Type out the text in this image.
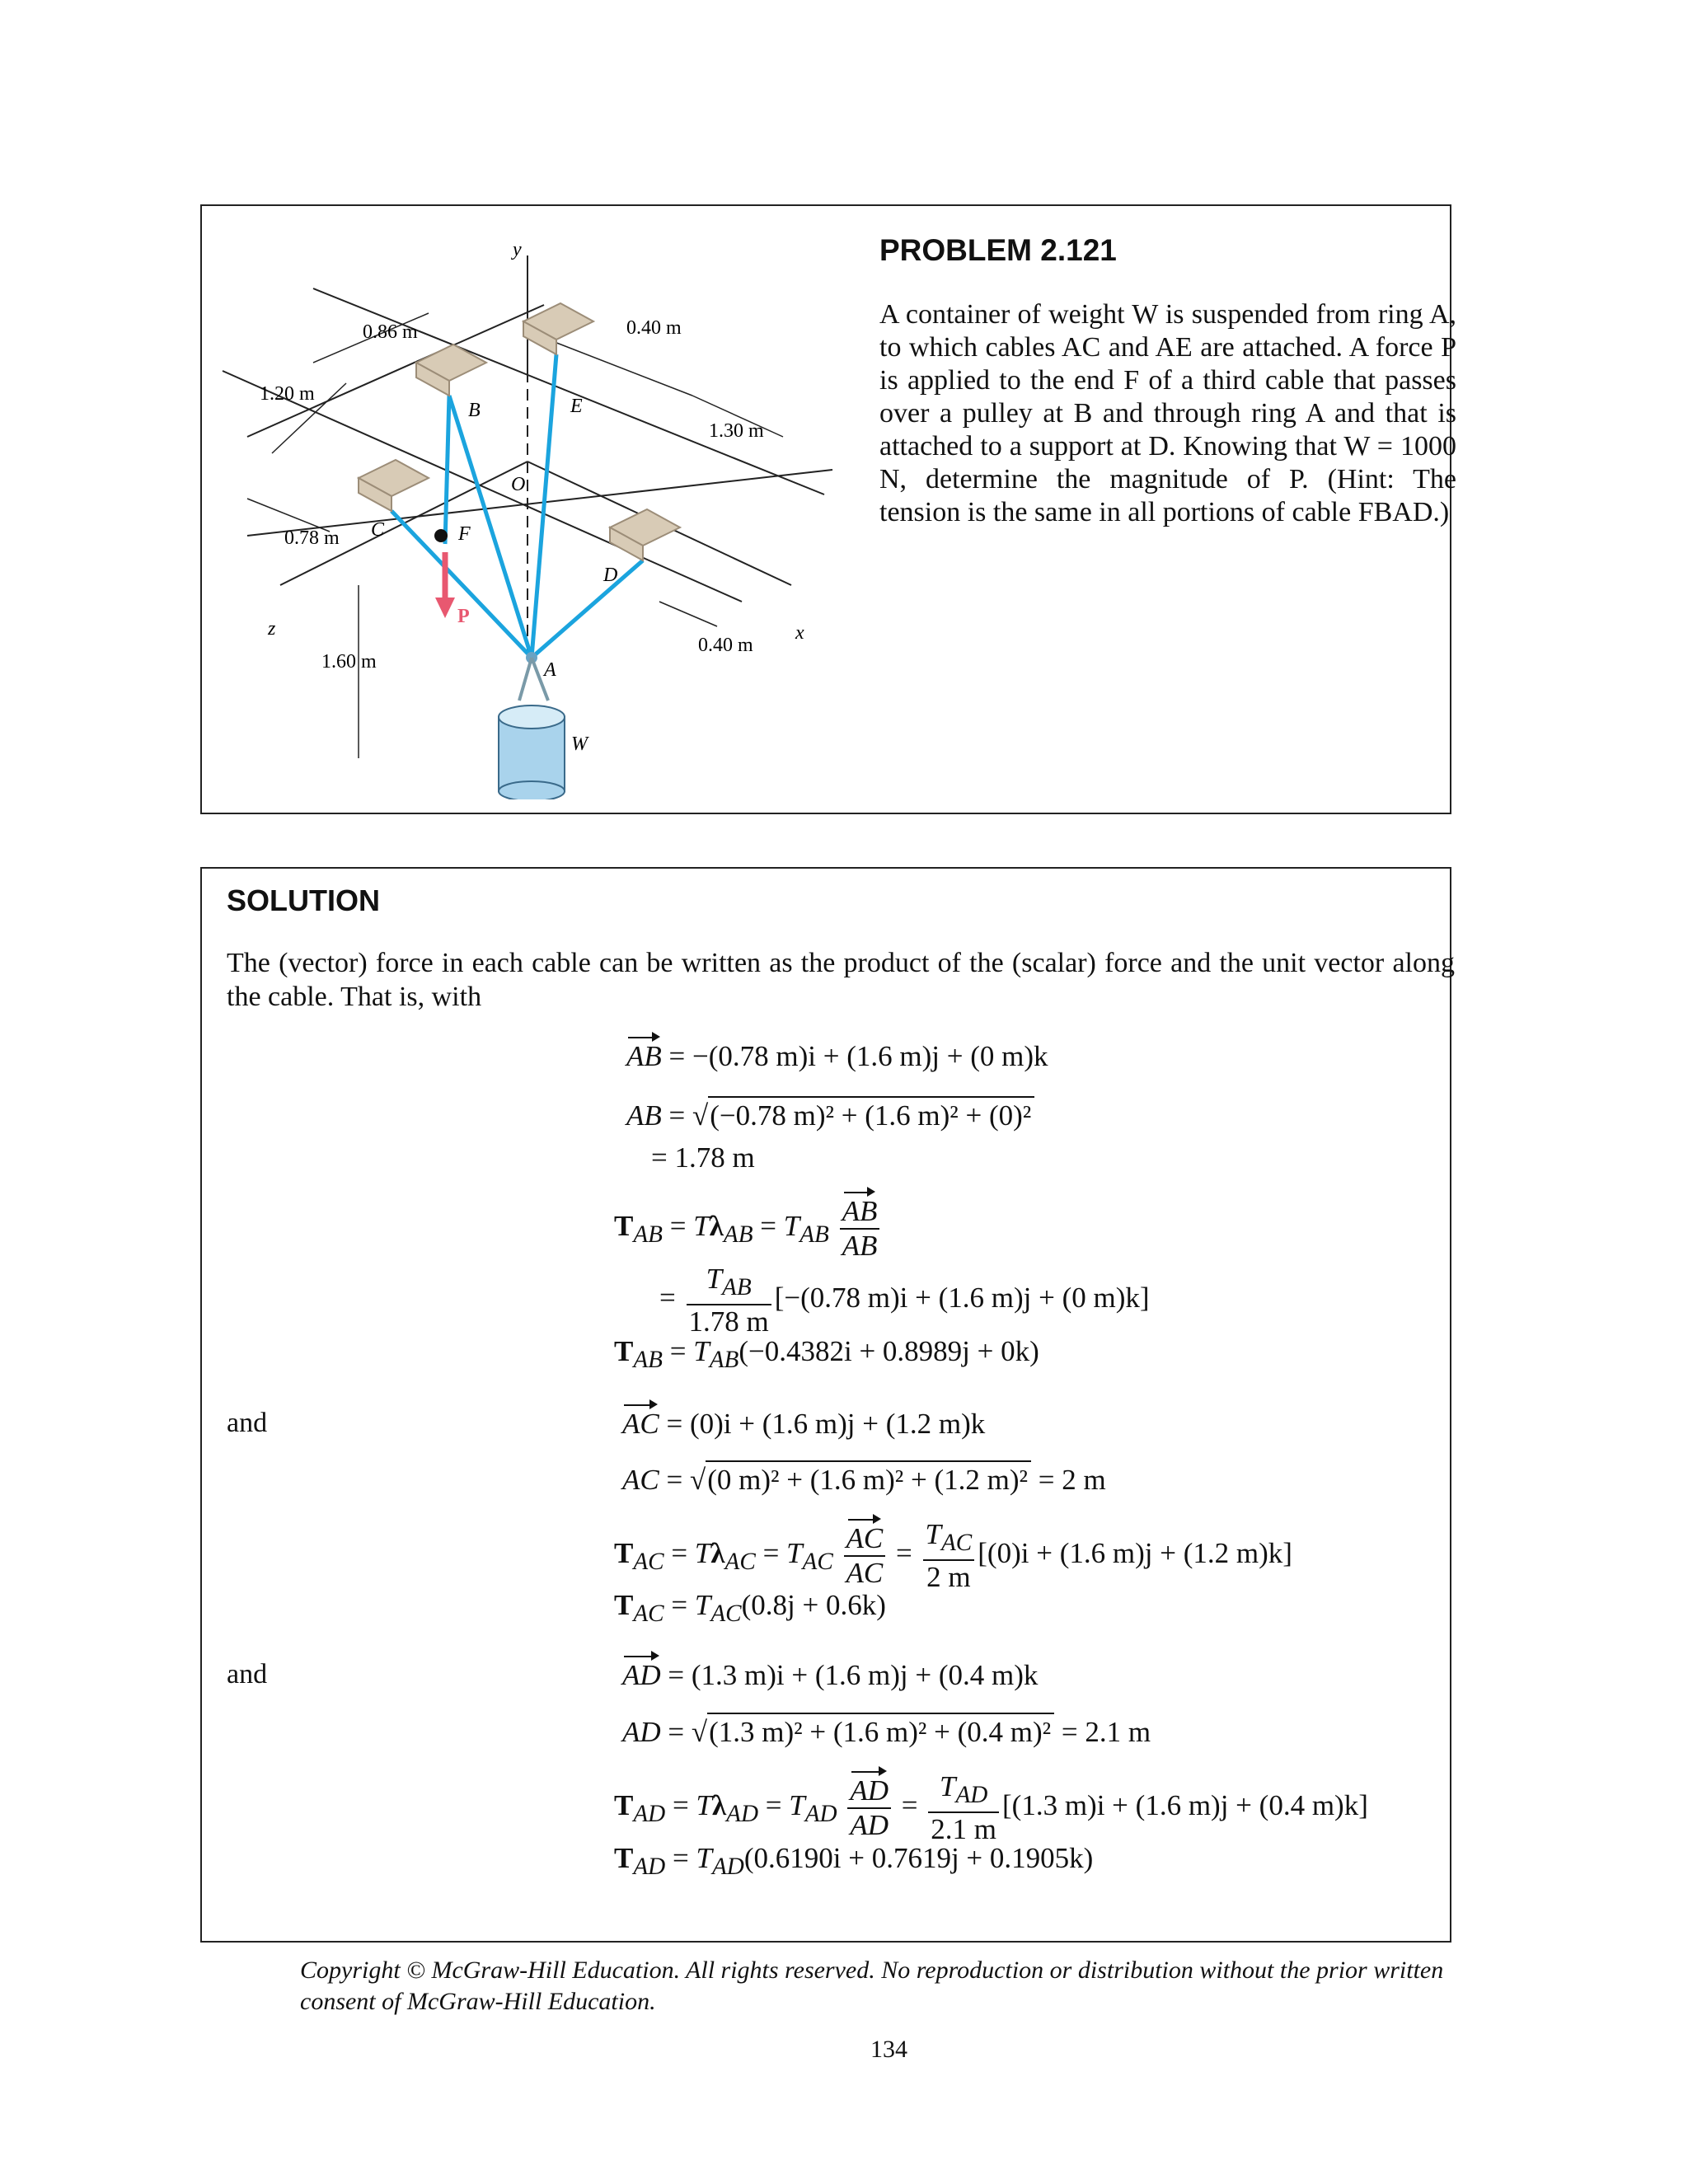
0.86 m	0.40 m
1.20 m
1.30 m
0.78 m
1.60 m
0.40 m
y
z	x
O
A
B
C
D
E
F
W
P
PROBLEM 2.121
A container of weight W is suspended from ring A, to which cables AC and AE are attached. A force P is applied to the end F of a third cable that passes over a pulley at B and through ring A and that is attached to a support at D. Knowing that W = 1000 N, determine the magnitude of P. (Hint: The tension is the same in all portions of cable FBAD.)
SOLUTION
The (vector) force in each cable can be written as the product of the (scalar) force and the unit vector along the cable. That is, with
AB = −(0.78 m)i + (1.6 m)j + (0 m)k
AB = √(−0.78 m)² + (1.6 m)² + (0)²
= 1.78 m
$T_{AB} = T\lambda_{AB} = T_{AB} \frac{AB}{AB}$
= $\frac{T_{AB}}{1.78 m} [-(0.78$ m)i + (1.6 m)j + (0 m)k]
$T_{AB} = T_{AB}(-0.4382i + 0.8989j + 0k)$
and	AC = (0)i + (1.6 m)j + (1.2 m)k
AC = √(0 m)² + (1.6 m)² + (1.2 m)² = 2 m
$T_{AC} = T\lambda_{AC} = T_{AC} \frac{AC}{AC} = \frac{T_{AC}}{2 m} [(0)i + (1.6$ m)j + (1.2 m)k]
$T_{AC} = T_{AC}(0.8j + 0.6k)$
and	AD = (1.3 m)i + (1.6 m)j + (0.4 m)k
AD = √(1.3 m)² + (1.6 m)² + (0.4 m)² = 2.1 m
$T_{AD} = T\lambda_{AD} = T_{AD} \frac{AD}{AD} = \frac{T_{AD}}{2.1 m} [(1.3$ m)i + (1.6 m)j + (0.4 m)k]
$T_{AD} = T_{AD}(0.6190i + 0.7619j + 0.1905k)$
Copyright © McGraw-Hill Education. All rights reserved. No reproduction or distribution without the prior written consent of McGraw-Hill Education.
134
